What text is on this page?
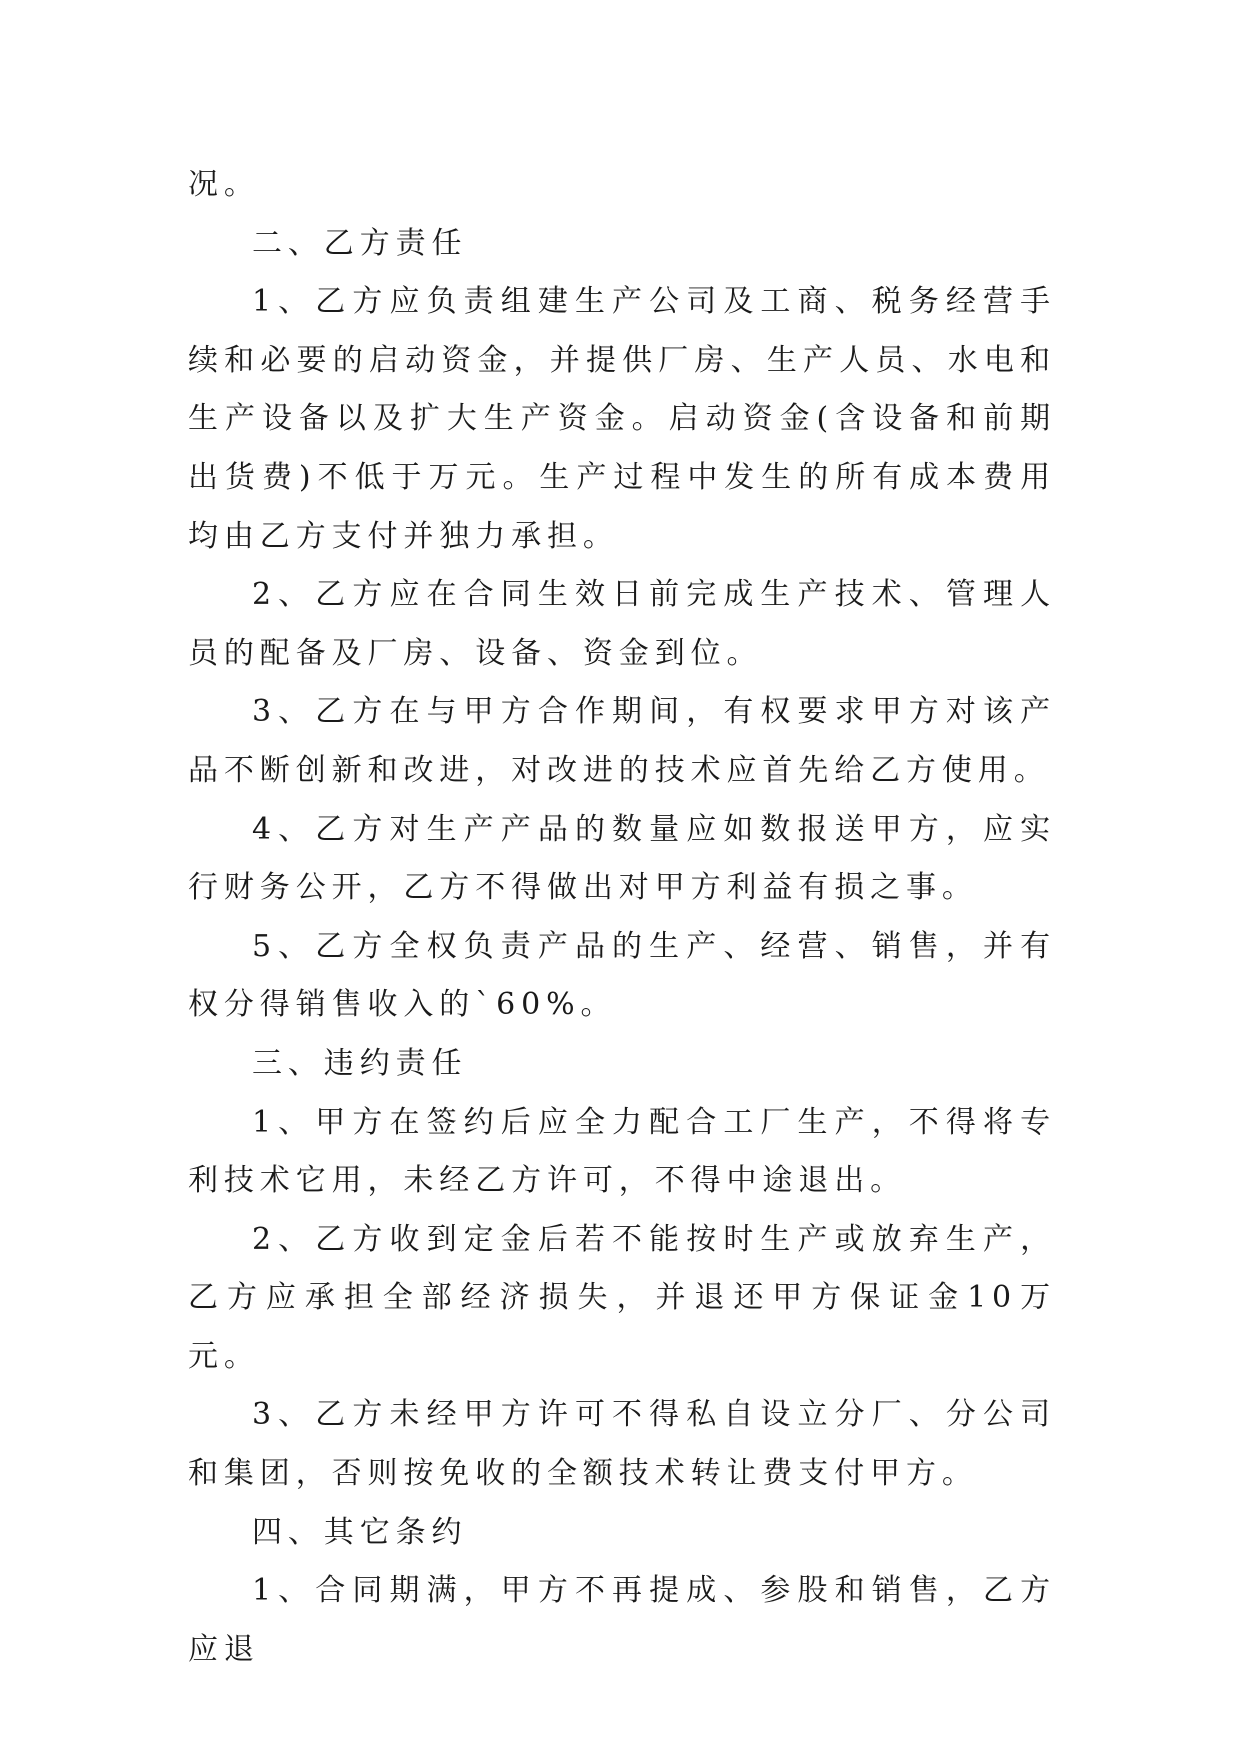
况。

二、乙方责任

1、乙方应负责组建生产公司及工商、税务经营手续和必要的启动资金，并提供厂房、生产人员、水电和生产设备以及扩大生产资金。启动资金(含设备和前期出货费)不低于万元。生产过程中发生的所有成本费用均由乙方支付并独力承担。

2、乙方应在合同生效日前完成生产技术、管理人员的配备及厂房、设备、资金到位。

3、乙方在与甲方合作期间，有权要求甲方对该产品不断创新和改进，对改进的技术应首先给乙方使用。

4、乙方对生产产品的数量应如数报送甲方，应实行财务公开，乙方不得做出对甲方利益有损之事。

5、乙方全权负责产品的生产、经营、销售，并有权分得销售收入的`60%。

三、违约责任

1、甲方在签约后应全力配合工厂生产，不得将专利技术它用，未经乙方许可，不得中途退出。

2、乙方收到定金后若不能按时生产或放弃生产，乙方应承担全部经济损失，并退还甲方保证金10万元。

3、乙方未经甲方许可不得私自设立分厂、分公司和集团，否则按免收的全额技术转让费支付甲方。

四、其它条约

1、合同期满，甲方不再提成、参股和销售，乙方应退
